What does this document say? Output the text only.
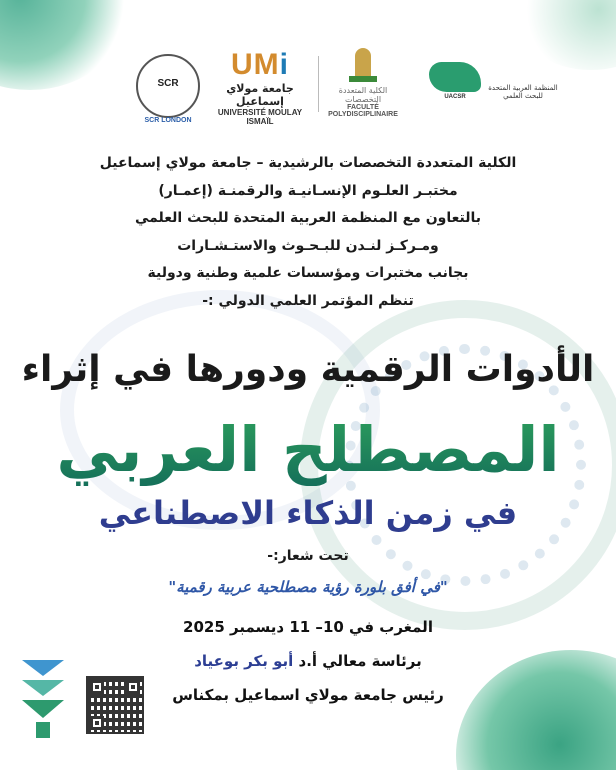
SCR
SCR LONDON
UMi
جامعة مولاي إسماعيل
UNIVERSITÉ MOULAY ISMAÏL
الكلية المتعددة التخصصات
FACULTÉ POLYDISCIPLINAIRE
UACSR
المنظمة العربية المتحدة للبحث العلمي
الكلية المتعددة التخصصات بالرشيدية – جامعة مولاي إسماعيل
مختبـر العلـوم الإنسـانيـة والرقمنـة (إعمـار)
بالتعاون مع المنظمة العربية المتحدة للبحث العلمي
ومـركـز لنـدن للبـحـوث والاستـشـارات
بجانب مختبرات ومؤسسات علمية وطنية ودولية
تنظم المؤتمر العلمي الدولي :-
الأدوات الرقمية ودورها في إثراء
المصطلح العربي
في زمن الذكاء الاصطناعي
تحت شعار:-
"في أفق بلورة رؤية مصطلحية عربية رقمية"
المغرب في 10– 11 ديسمبر 2025
برئاسة معالي أ.د أبو بكر بوعياد
رئيس جامعة مولاي اسماعيل بمكناس
